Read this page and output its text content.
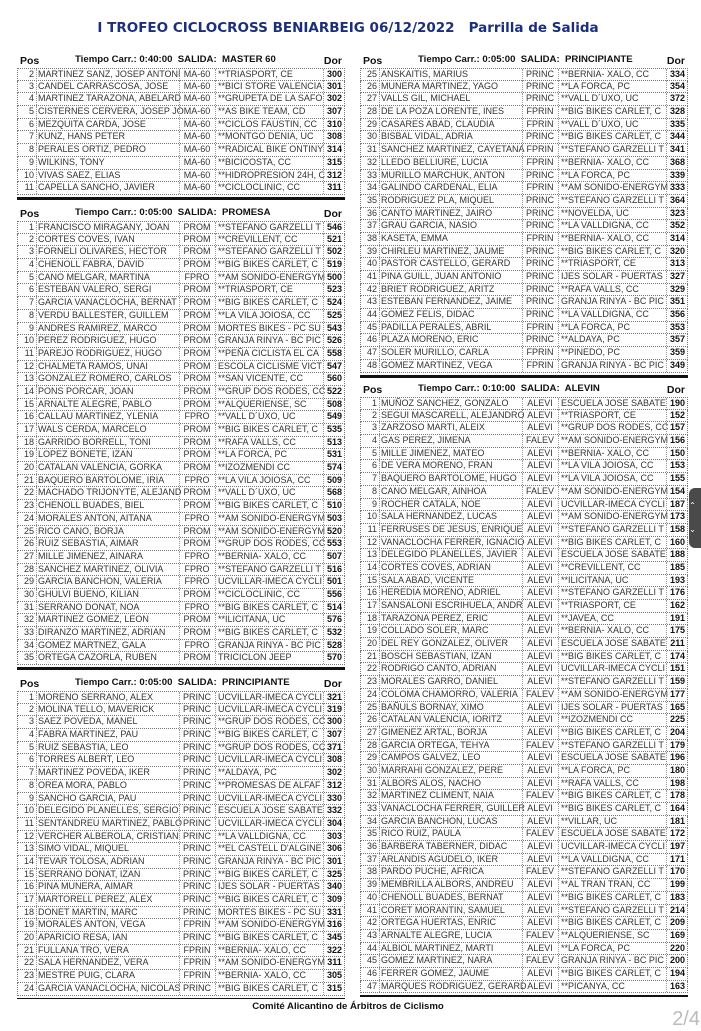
I TROFEO CICLOCROSS BENIARBEIG 06/12/2022 Parrilla de Salida
Pos	Tiempo Carr.: 0:40:00 SALIDA: MASTER 60	Dor
2 MARTINEZ SANZ, JOSEP ANTONI MA-60 **TRIASPORT, CE	300
3 CANDEL CARRASCOSA, JOSE	MA-60 **BICI STORE VALENCIA 301
4 MARTINEZ TARAZONA, ABELARD MA-60 **GRUPETA DE LA SAFO 302
5 CISTERNES CERVERA, JOSEP JO MA-60 **AS BIKE TEAM, CD	307
6 MEZQUITA CARDA, JOSE	MA-60 **CICLOS FAUSTIN, CC	310
7 KUNZ, HANS PETER	MA-60 **MONTGO DENIA, UC	308
8 PERALES ORTIZ, PEDRO	MA-60 **RADICAL BIKE ONTINY 314
9 WILKINS, TONY	MA-60 **BICICOSTA, CC	315
10 VIVAS SAEZ, ELIAS	MA-60 **HIDROPRESION 24H, C 312
11 CAPELLA SANCHO, JAVIER	MA-60 **CICLOCLINIC, CC	311
Pos	Tiempo Carr.: 0:05:00 SALIDA: PROMESA	Dor
1 FRANCISCO MIRAGANY, JOAN	PROM **STEFANO GARZELLI T 546
2 CORTES COVES, IVAN	PROM **CREVILLENT, CC	521
3 FORNELI OLIVARES, HECTOR	PROM **STEFANO GARZELLI T 502
4 CHENOLL FABRA, DAVID	PROM **BIG BIKES CARLET, C 519
5 CANO MELGAR, MARTINA	FPRO **AM SONIDO-ENERGYM 500
6 ESTEBAN VALERO, SERGI	PROM **TRIASPORT, CE	523
7 GARCIA VANACLOCHA, BERNAT PROM **BIG BIKES CARLET, C 524
8 VERDU BALLESTER, GUILLEM	PROM **LA VILA JOIOSA, CC	525
9 ANDRES RAMIREZ, MARCO	PROM MORTES BIKES - PC SU 543
10 PEREZ RODRIGUEZ, HUGO	PROM GRANJA RINYA - BC PIC 526
11 PAREJO RODRIGUEZ, HUGO	PROM **PEÑA CICLISTA EL CA 558
12 CHALMETA RAMOS, UNAI	PROM ESCOLA CICLISME VICT 547
13 GONZALEZ ROMERO, CARLOS	PROM **SAN VICENTE, CC	560
14 PONS PORCAR, JOAN	PROM **GRUP DOS RODES, CC 522
15 ARNALTE ALEGRE, PABLO	PROM **ALQUERIENSE, SC	508
16 CALLAU MARTINEZ, YLENIA	FPRO **VALL D´UXO, UC	549
17 WALS CERDA, MARCELO	PROM **BIG BIKES CARLET, C 535
18 GARRIDO BORRELL, TONI	PROM **RAFA VALLS, CC	513
19 LOPEZ BONETE, IZAN	PROM **LA FORCA, PC	531
20 CATALAN VALENCIA, GORKA	PROM **IZOZMENDI CC	574
21 BAQUERO BARTOLOME, IRIA	FPRO **LA VILA JOIOSA, CC	509
22 MACHADO TRIJONYTE, ALEJAND PROM **VALL D´UXO, UC	568
23 CHENOLL BUADES, BIEL	PROM **BIG BIKES CARLET, C 510
24 MORALES ANTON, AITANA	FPRO **AM SONIDO-ENERGYM 503
25 RICO CANO, BORJA	PROM **AM SONIDO-ENERGYM 520
26 RUIZ SEBASTIA, AIMAR	PROM **GRUP DOS RODES, CC 553
27 MILLE JIMENEZ, AINARA	FPRO **BERNIA- XALO, CC	507
28 SANCHEZ MARTINEZ, OLIVIA	FPRO **STEFANO GARZELLI T 516
29 GARCIA BANCHON, VALERIA	FPRO UCVILLAR-IMECA CYCLI 501
30 GHULVI BUENO, KILIAN	PROM **CICLOCLINIC, CC	556
31 SERRANO DONAT, NOA	FPRO **BIG BIKES CARLET, C 514
32 MARTINEZ GOMEZ, LEON	PROM **ILICITANA, UC	576
33 DIRANZO MARTINEZ, ADRIAN	PROM **BIG BIKES CARLET, C 532
34 GOMEZ MARTNEZ, GALA	FPRO GRANJA RINYA - BC PIC 528
35 ORTEGA CAZORLA, RUBEN	PROM TRICICLON JEEP	570
Pos	Tiempo Carr.: 0:05:00 SALIDA: PRINCIPIANTE	Dor
1 MORENO SERRANO, ALEX	PRINC UCVILLAR-IMECA CYCLI 321
2 MOLINA TELLO, MAVERICK	PRINC UCVILLAR-IMECA CYCLI 319
3 SAEZ POVEDA, MANEL	PRINC **GRUP DOS RODES, CC 300
4 FABRA MARTINEZ, PAU	PRINC **BIG BIKES CARLET, C 307
5 RUIZ SEBASTIA, LEO	PRINC **GRUP DOS RODES, CC 371
6 TORRES ALBERT, LEO	PRINC UCVILLAR-IMECA CYCLI 308
7 MARTINEZ POVEDA, IKER	PRINC **ALDAYA, PC	302
8 OREA MORA, PABLO	PRINC **PROMESAS DE ALFAF 312
9 SANCHO GARCIA, PAU	PRINC UCVILLAR-IMECA CYCLI 330
10 DELEGIDO PLANELLES, SERGIO PRINC ESCUELA JOSE SABATE 332
11 SENTANDREU MARTINEZ, PABLO PRINC UCVILLAR-IMECA CYCLI 304
12 VERCHER ALBEROLA, CRISTIAN PRINC **LA VALLDIGNA, CC	303
13 SIMO VIDAL, MIQUEL	PRINC **EL CASTELL D'ALGINE 306
14 TEVAR TOLOSA, ADRIAN	PRINC GRANJA RINYA - BC PIC 301
15 SERRANO DONAT, IZAN	PRINC **BIG BIKES CARLET, C 325
16 PINA MUNERA, AIMAR	PRINC IJES SOLAR - PUERTAS 340
17 MARTORELL PEREZ, ALEX	PRINC **BIG BIKES CARLET, C 309
18 DONET MARTIN, MARC	PRINC MORTES BIKES - PC SU 331
19 MORALES ANTON, VEGA	FPRIN **AM SONIDO-ENERGYM 316
20 APARICIO RESA, IAN	PRINC **BIG BIKES CARLET, C 345
21 FULLANA TRO, VERA	FPRIN **BERNIA- XALO, CC	322
22 SALA HERNANDEZ, VERA	FPRIN **AM SONIDO-ENERGYM 311
23 MESTRE PUIG, CLARA	FPRIN **BERNIA- XALO, CC	305
24 GARCIA VANACLOCHA, NICOLAS PRINC **BIG BIKES CARLET, C 315
Pos	Tiempo Carr.: 0:05:00 SALIDA: PRINCIPIANTE	Dor
25 ANSKAITIS, MARIUS	PRINC **BERNIA- XALO, CC	334
26 MUNERA MARTINEZ, YAGO	PRINC **LA FORCA, PC	354
27 VALLS GIL, MICHAEL	PRINC **VALL D´UXO, UC	372
28 DE LA POZA LORENTE, INES	FPRIN **BIG BIKES CARLET, C 328
29 CASARES ABAD, CLAUDIA	FPRIN **VALL D´UXO, UC	335
30 BISBAL VIDAL, ADRIA	PRINC **BIG BIKES CARLET, C 344
31 SANCHEZ MARTINEZ, CAYETANA FPRIN **STEFANO GARZELLI T 341
32 LLEDO BELLIURE, LUCIA	FPRIN **BERNIA- XALO, CC	368
33 MURILLO MARCHUK, ANTON	PRINC **LA FORCA, PC	339
34 GALINDO CARDENAL, ELIA	FPRIN **AM SONIDO-ENERGYM 333
35 RODRIGUEZ PLA, MIQUEL	PRINC **STEFANO GARZELLI T 364
36 CANTO MARTINEZ, JAIRO	PRINC **NOVELDA, UC	323
37 GRAU GARCIA, NASIO	PRINC **LA VALLDIGNA, CC	352
38 KASETA, EMMA	FPRIN **BERNIA- XALO, CC	314
39 CHIRLEU MARTINEZ, JAUME	PRINC **BIG BIKES CARLET, C 320
40 PASTOR CASTELLO, GERARD	PRINC **TRIASPORT, CE	313
41 PINA GUILL, JUAN ANTONIO	PRINC IJES SOLAR - PUERTAS 327
42 BRIET RODRIGUEZ, ARITZ	PRINC **RAFA VALLS, CC	329
43 ESTEBAN FERNANDEZ, JAIME	PRINC GRANJA RINYA - BC PIC 351
44 GOMEZ FELIS, DIDAC	PRINC **LA VALLDIGNA, CC	356
45 PADILLA PERALES, ABRIL	FPRIN **LA FORCA, PC	353
46 PLAZA MORENO, ERIC	PRINC **ALDAYA, PC	357
47 SOLER MURILLO, CARLA	FPRIN **PINEDO, PC	359
48 GOMEZ MARTINEZ, VEGA	FPRIN GRANJA RINYA - BC PIC 349
Pos	Tiempo Carr.: 0:10:00 SALIDA: ALEVIN	Dor
1 MUÑOZ SANCHEZ, GONZALO	ALEVI ESCUELA JOSE SABATE 190
2 SEGUI MASCARELL, ALEJANDRO ALEVI **TRIASPORT, CE	152
3 ZARZOSO MARTI, ALEIX	ALEVI **GRUP DOS RODES, CC 157
4 GAS PEREZ, JIMENA	FALEV **AM SONIDO-ENERGYM 156
5 MILLE JIMENEZ, MATEO	ALEVI **BERNIA- XALO, CC	150
6 DE VERA MORENO, FRAN	ALEVI **LA VILA JOIOSA, CC	153
7 BAQUERO BARTOLOME, HUGO	ALEVI **LA VILA JOIOSA, CC	155
8 CANO MELGAR, AINHOA	FALEV **AM SONIDO-ENERGYM 154
9 ROCHER CATALA, NOE	ALEVI UCVILLAR-IMECA CYCLI 187
10 SALA HERNANDEZ, LUCAS	ALEVI **AM SONIDO-ENERGYM 173
11 FERRUSES DE JESUS, ENRIQUE ALEVI **STEFANO GARZELLI T 158
12 VANACLOCHA FERRER, IGNACIO ALEVI **BIG BIKES CARLET, C 160
13 DELEGIDO PLANELLES, JAVIER	ALEVI ESCUELA JOSE SABATE 188
14 CORTES COVES, ADRIAN	ALEVI **CREVILLENT, CC	185
15 SALA ABAD, VICENTE	ALEVI **ILICITANA, UC	193
16 HEREDIA MORENO, ADRIEL	ALEVI **STEFANO GARZELLI T 176
17 SANSALONI ESCRIHUELA, ANDR ALEVI **TRIASPORT, CE	162
18 TARAZONA PEREZ, ERIC	ALEVI **JAVEA, CC	191
19 COLLADO SOLER, MARC	ALEVI **BERNIA- XALO, CC	175
20 DEL REY GONZALEZ, OLIVER	ALEVI ESCUELA JOSE SABATE 211
21 BOSCH SEBASTIAN, IZAN	ALEVI **BIG BIKES CARLET, C 174
22 RODRIGO CANTO, ADRIAN	ALEVI UCVILLAR-IMECA CYCLI 151
23 MORALES GARRO, DANIEL	ALEVI **STEFANO GARZELLI T 159
24 COLOMA CHAMORRO, VALERIA FALEV **AM SONIDO-ENERGYM 177
25 BAÑULS BORNAY, XIMO	ALEVI IJES SOLAR - PUERTAS 165
26 CATALAN VALENCIA, IORITZ	ALEVI **IZOZMENDI CC	225
27 GIMENEZ ARTAL, BORJA	ALEVI **BIG BIKES CARLET, C 204
28 GARCIA ORTEGA, TEHYA	FALEV **STEFANO GARZELLI T 179
29 CAMPOS GALVEZ, LEO	ALEVI ESCUELA JOSE SABATE 196
30 MARRAHI GONZALEZ, PERE	ALEVI **LA FORCA, PC	180
31 ALBORS ALOS, NACHO	ALEVI **RAFA VALLS, CC	198
32 MARTINEZ CLIMENT, NAIA	FALEV **BIG BIKES CARLET, C 178
33 VANACLOCHA FERRER, GUILLER ALEVI **BIG BIKES CARLET, C 164
34 GARCIA BANCHON, LUCAS	ALEVI **VILLAR, UC	181
35 RICO RUIZ, PAULA	FALEV ESCUELA JOSE SABATE 172
36 BARBERA TABERNER, DIDAC	ALEVI UCVILLAR-IMECA CYCLI 197
37 ARLANDIS AGUDELO, IKER	ALEVI **LA VALLDIGNA, CC	171
38 PARDO PUCHE, AFRICA	FALEV **STEFANO GARZELLI T 170
39 MEMBRILLA ALBORS, ANDREU	ALEVI **AL TRAN TRAN, CC	199
40 CHENOLL BUADES, BERNAT	ALEVI **BIG BIKES CARLET, C 183
41 CORET MORANTIN, SAMUEL	ALEVI **STEFANO GARZELLI T 214
42 ORTEGA HUERTAS, ENRIC	ALEVI **BIG BIKES CARLET, C 209
43 ARNALTE ALEGRE, LUCIA	FALEV **ALQUERIENSE, SC	169
44 ALBIOL MARTINEZ, MARTI	ALEVI **LA FORCA, PC	220
45 GOMEZ MARTINEZ, NARA	FALEV GRANJA RINYA - BC PIC 200
46 FERRER GOMEZ, JAUME	ALEVI **BIG BIKES CARLET, C 194
47 MARQUES RODRIGUEZ, GERARD ALEVI **PICANYA, CC	163
Comité Alicantino de Árbitros de Ciclismo
2/4
⌃
⌄
